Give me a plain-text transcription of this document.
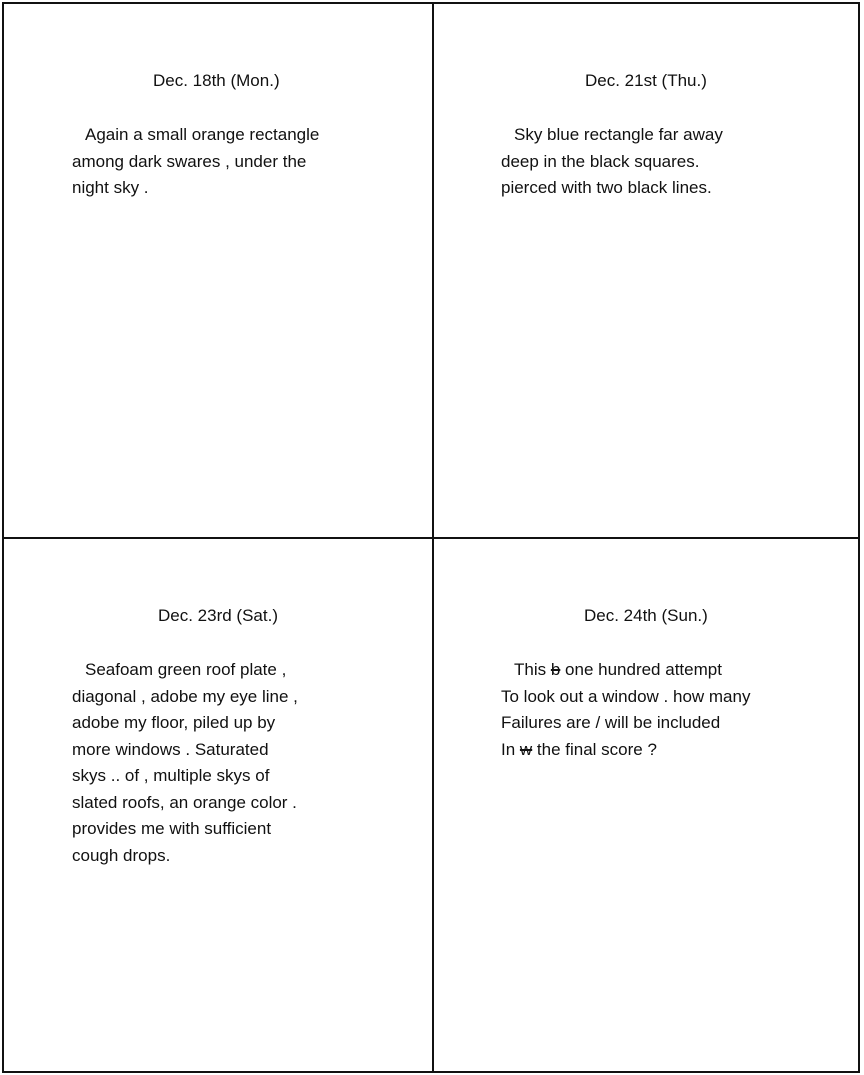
Dec. 18th (Mon.)
Again a small orange rectangle
among dark swares , under the
night sky .
Dec. 21st (Thu.)
Sky blue rectangle far away
deep in the black squares.
pierced with two black lines.
Dec. 23rd (Sat.)
Seafoam green roof plate ,
diagonal , adobe my eye line ,
adobe my floor, piled up by
more windows . Saturated
skys .. of , multiple skys of
slated roofs, an orange color .
provides me with sufficient
cough drops.
Dec. 24th (Sun.)
This b one hundred attempt
To look out a window . how many
Failures are / will be included
In w the final score ?
